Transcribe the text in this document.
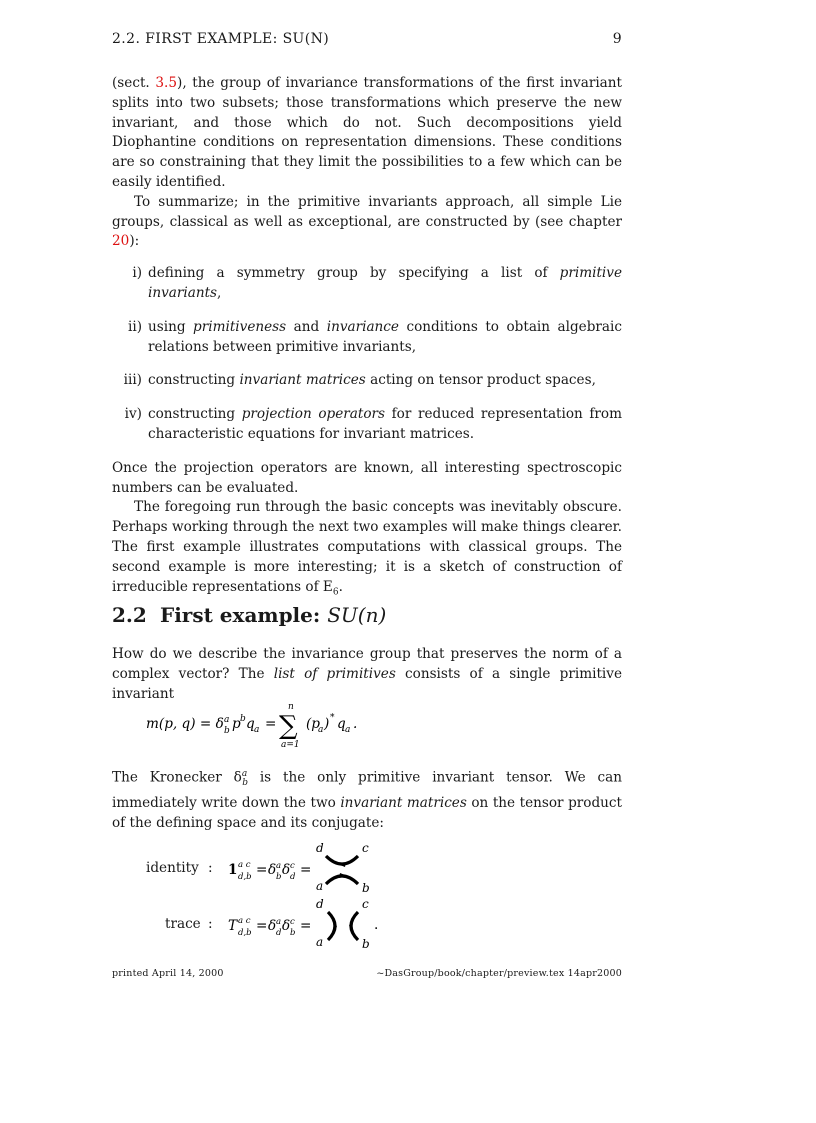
2.2. FIRST EXAMPLE: SU(N)	9

(sect. 3.5), the group of invariance transformations of the first invariant splits into two subsets; those transformations which preserve the new invariant, and those which do not. Such decompositions yield Diophantine conditions on representation dimensions. These conditions are so constraining that they limit the possibilities to a few which can be easily identified.

To summarize; in the primitive invariants approach, all simple Lie groups, classical as well as exceptional, are constructed by (see chapter 20):

i) defining a symmetry group by specifying a list of primitive invariants,
ii) using primitiveness and invariance conditions to obtain algebraic relations between primitive invariants,
iii) constructing invariant matrices acting on tensor product spaces,
iv) constructing projection operators for reduced representation from characteristic equations for invariant matrices.

Once the projection operators are known, all interesting spectroscopic numbers can be evaluated.

The foregoing run through the basic concepts was inevitably obscure. Perhaps working through the next two examples will make things clearer. The first example illustrates computations with classical groups. The second example is more interesting; it is a sketch of construction of irreducible representations of $E_6$.

2.2 First example: SU(n)

How do we describe the invariance group that preserves the norm of a complex vector? The list of primitives consists of a single primitive invariant

m(p, q) = δ a
b p b q a = ∑
n
a=1
(p
a ) * q a .

The Kronecker $\delta^a_b$ is the only primitive invariant tensor. We can immediately write down the two invariant matrices on the tensor product of the defining space and its conjugate:

identity : 1 a c
d,b = δ a
b δ c
d =
d	c
a	b
trace : T a c
d,b = δ a
d δ c
b =
d	c
a	b
.
printed April 14, 2000	~DasGroup/book/chapter/preview.tex 14apr2000
